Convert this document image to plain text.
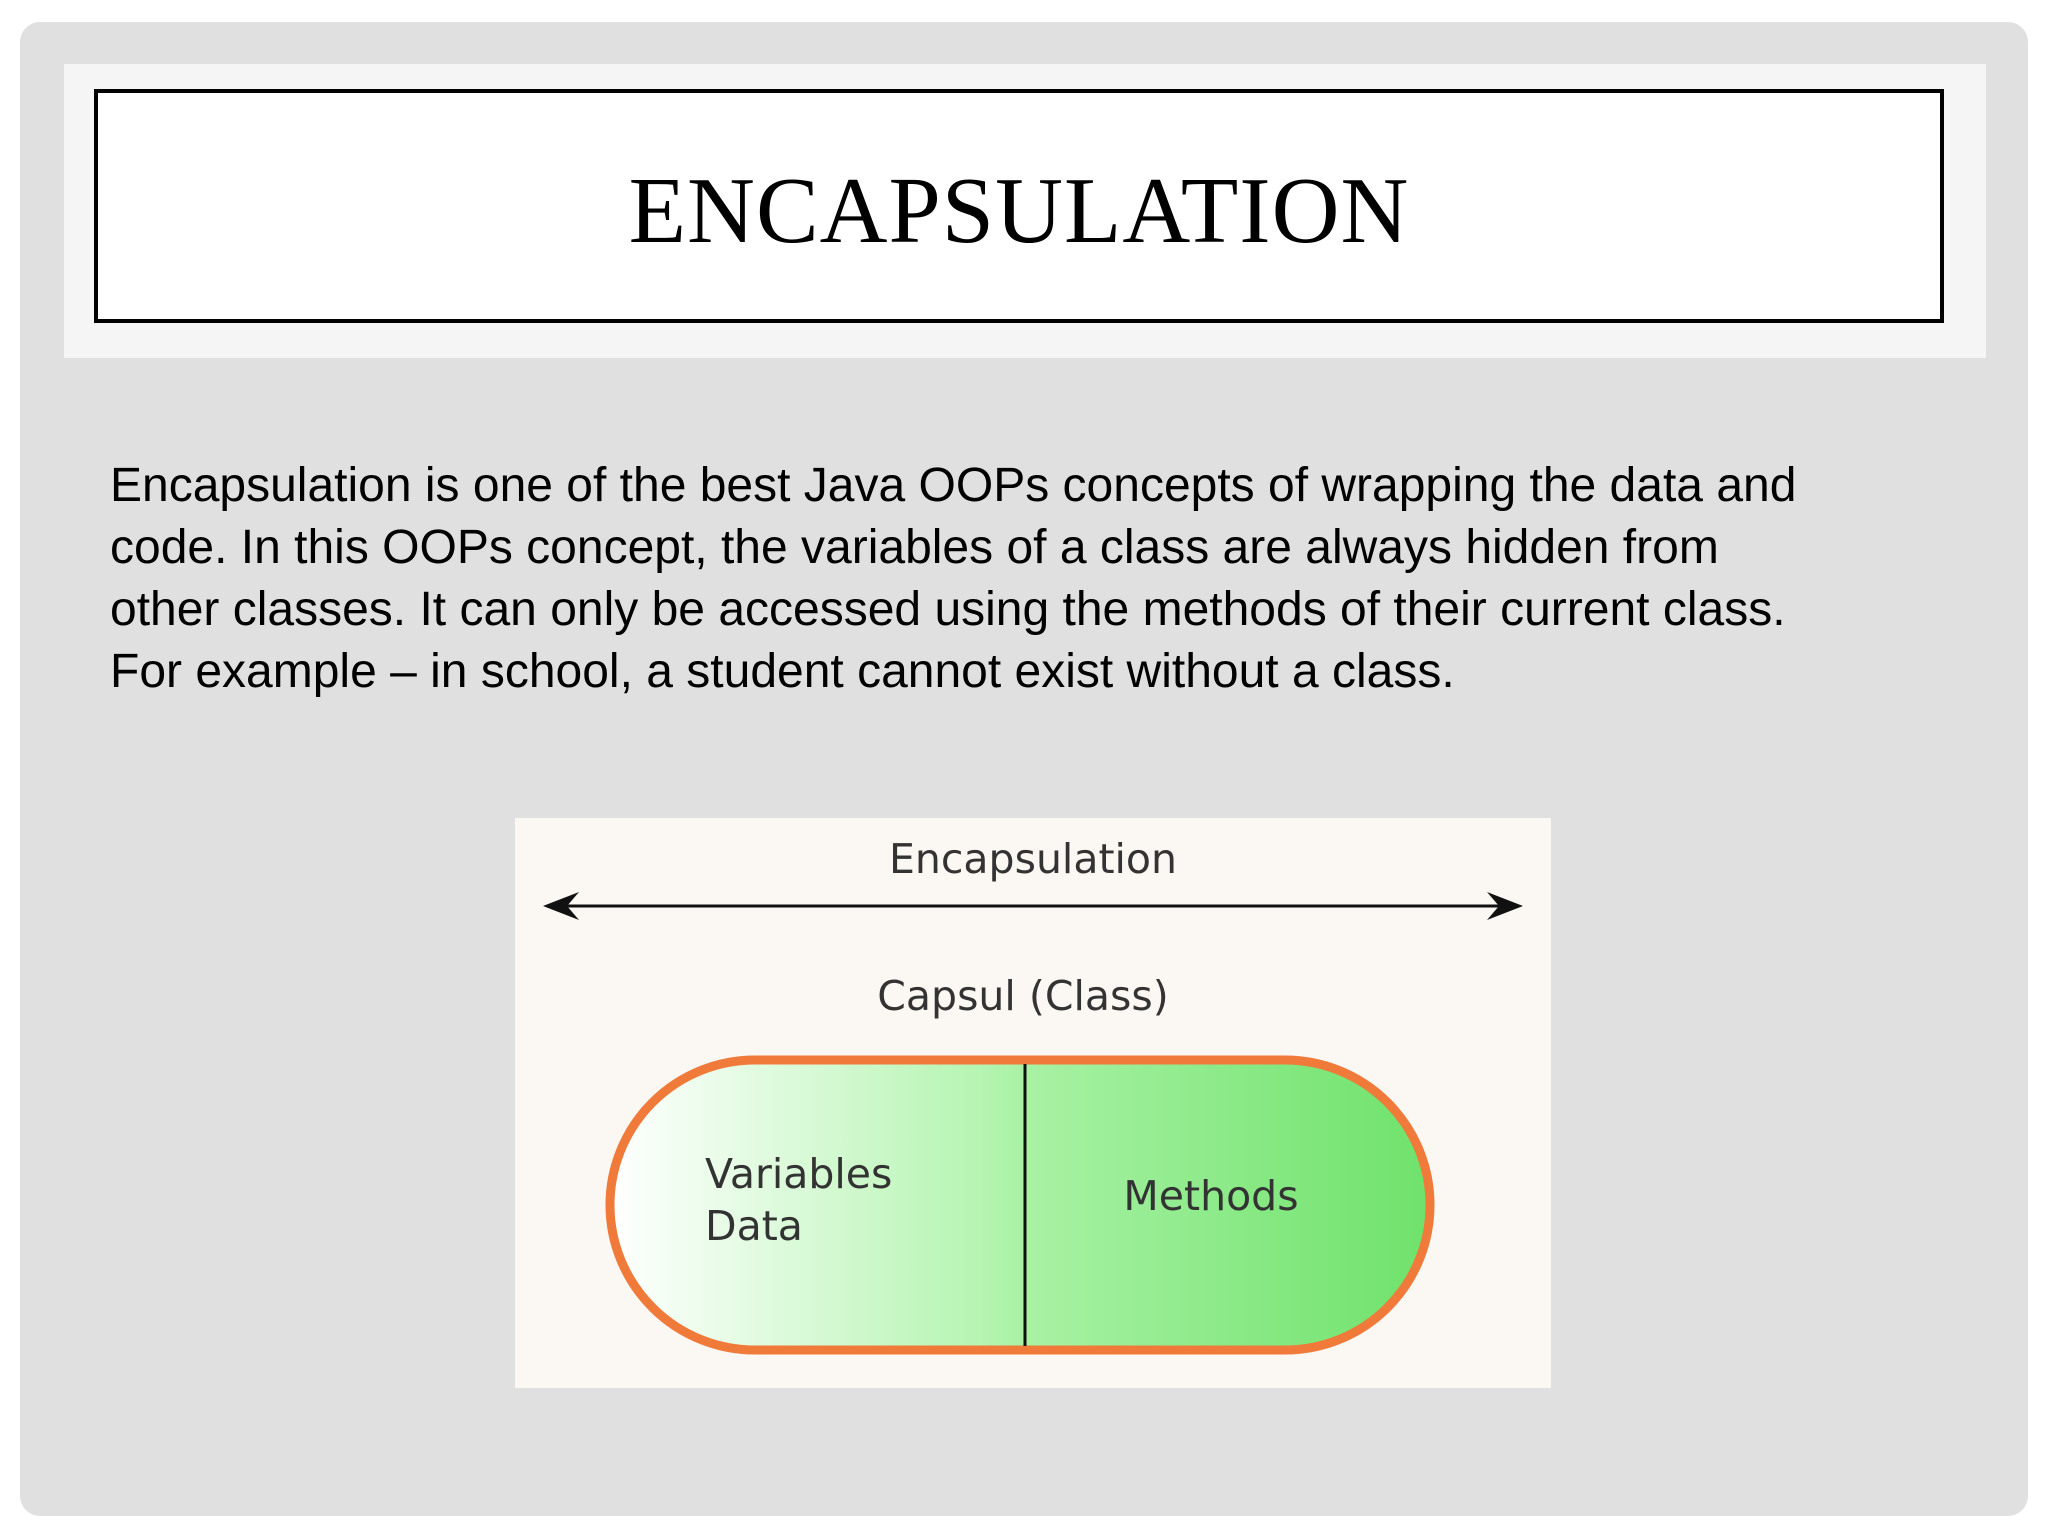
ENCAPSULATION

Encapsulation is one of the best Java OOPs concepts of wrapping the data and
code. In this OOPs concept, the variables of a class are always hidden from
other classes. It can only be accessed using the methods of their current class.
For example – in school, a student cannot exist without a class.

Encapsulation
Capsul (Class)
Variables
Data
Methods
